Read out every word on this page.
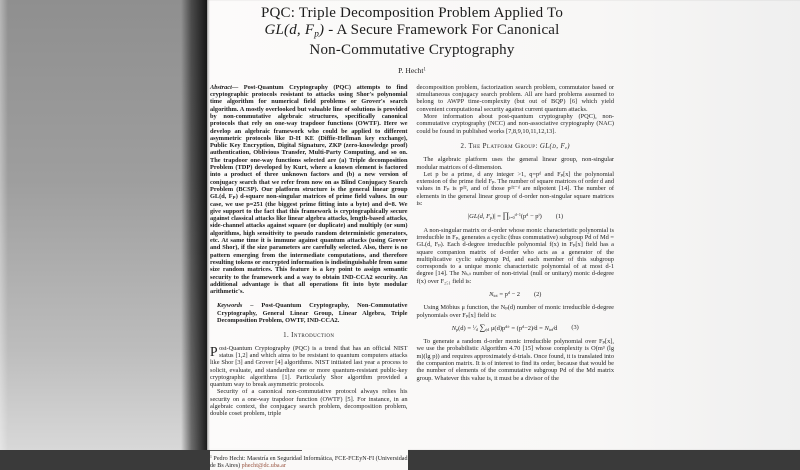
PQC: Triple Decomposition Problem Applied To
GL(d, $F_p$) - A Secure Framework For Canonical
Non-Commutative Cryptography
P. Hecht$^1$

Abstract— Post-Quantum Cryptography (PQC) attempts to find cryptographic protocols resistant to attacks using Shor's polynomial time algorithm for numerical field problems or Grover's search algorithm. A mostly overlooked but valuable line of solutions is provided by non-commutative algebraic structures, specifically canonical protocols that rely on one-way trapdoor functions (OWTF). Here we develop an algebraic framework who could be applied to different asymmetric protocols like D-H KE (Diffie-Hellman key exchange), Public Key Encryption, Digital Signature, ZKP (zero-knowledge proof) authentication, Oblivious Transfer, Multi-Party Computing, and so on. The trapdoor one-way functions selected are (a) Triple decomposition Problem (TDP) developed by Kurt, where a known element is factored into a product of three unknown factors and (b) a new version of conjugacy search that we refer from now on as Blind Conjugacy Search Problem (BCSP). Our platform structure is the general linear group GL(d, Fₚ) d-square non-singular matrices of prime field values. In our case, we use p=251 (the biggest prime fitting into a byte) and d=8. We give support to the fact that this framework is cryptographically secure against classical attacks like linear algebra attacks, length-based attacks, side-channel attacks against square (or duplicate) and multiply (or sum) algorithms, high sensitivity to pseudo random deterministic generators, etc. At same time it is immune against quantum attacks (using Grover and Shor), if the size parameters are carefully selected. Also, there is no pattern emerging from the intermediate computations, and therefore resulting tokens or encrypted information is indistinguishable from same size random matrices. This feature is a key point to assign semantic security to the framework and a way to obtain IND-CCA2 security. An additional advantage is that all operations fit into byte modular arithmetic's.

Keywords – Post-Quantum Cryptography, Non-Commutative Cryptography, General Linear Group, Linear Algebra, Triple Decomposition Problem, OWTF, IND-CCA2.

1. Introduction

Post-Quantum Cryptography (PQC) is a trend that has an official NIST status [1,2] and which aims to be resistant to quantum computers attacks like Shor [3] and Grover [4] algorithms. NIST initiated last year a process to solicit, evaluate, and standardize one or more quantum-resistant public-key cryptographic algorithms [1]. Particularly Shor algorithm provided a quantum way to break asymmetric protocols.

Security of a canonical non-commutative protocol always relies his security on a one-way trapdoor function (OWTF) [5]. For instance, in an algebraic context, the conjugacy search problem, decomposition problem, double coset problem, triple

$^1$ Pedro Hecht: Maestría en Seguridad Informática, FCE-FCEyN-FI (Universidad de Bs Aires) phecht@dc.uba.ar

decomposition problem, factorization search problem, commutator based or simultaneous conjugacy search problem. All are hard problems assumed to belong to AWPP time-complexity (but out of BQP) [6] which yield convenient computational security against current quantum attacks.

More information about post-quantum cryptography (PQC), non-commutative cryptography (NCC) and non-associative cryptography (NAC) could be found in published works [7,8,9,10,11,12,13].

2. The Platform Group: GL(d, $F_p$)

The algebraic platform uses the general linear group, non-singular modular matrices of d-dimension.

Let p be a prime, d any integer >1, q=pᵈ and Fₚ[x] the polynomial extension of the prime field Fₚ. The number of square matrices of order d and values in Fₚ is pᵈ², and of those pᵈ²⁻ᵈ are nilpotent [14]. The number of elements in the general linear group of d-order non-singular square matrices is:

|GL(d, $F_p)|$ = $\prod_{i=0}^{d-1}(p^d - p^i)$ (1)

A non-singular matrix or d-order whose monic characteristic polynomial is irreducible in Fₚ, generates a cyclic (thus commutative) subgroup Pd of Md = GL(d, Fₚ). Each d-degree irreducible polynomial f(x) in Fₚ[x] field has a square companion matrix of d-order who acts as a generator of the multiplicative cyclic subgroup Pd, and each member of this subgroup corresponds to a unique monic characteristic polynomial of at most d-1 degree [14]. The Nₜₒₜ number of non-trivial (null or unitary) monic d-degree f(x) over F₂₅₁ field is:

$N_{tot} = p^d - 2$ (2)

Using Möbius μ function, the Nₚ(d) number of monic irreducible d-degree polynomials over Fₚ[x] field is:

$N_p(d)$ = $^1∕_d$ $\sum_{r|d}$ $\mu(d)p^{d/r}$ = $(p^d-2)∕d$ = $N_{tot}∕d$ (3)

To generate a random d-order monic irreducible polynomial over Fₚ[x], we use the probabilistic Algorithm 4.70 [15] whose complexity is O(m³ (lg m)(lg p)) and requires approximately d-trials. Once found, it is translated into the companion matrix. It is of interest to find its order, because that would be the number of elements of the commutative subgroup Pd of the Md matrix group. Whatever this value is, it must be a divisor of the
